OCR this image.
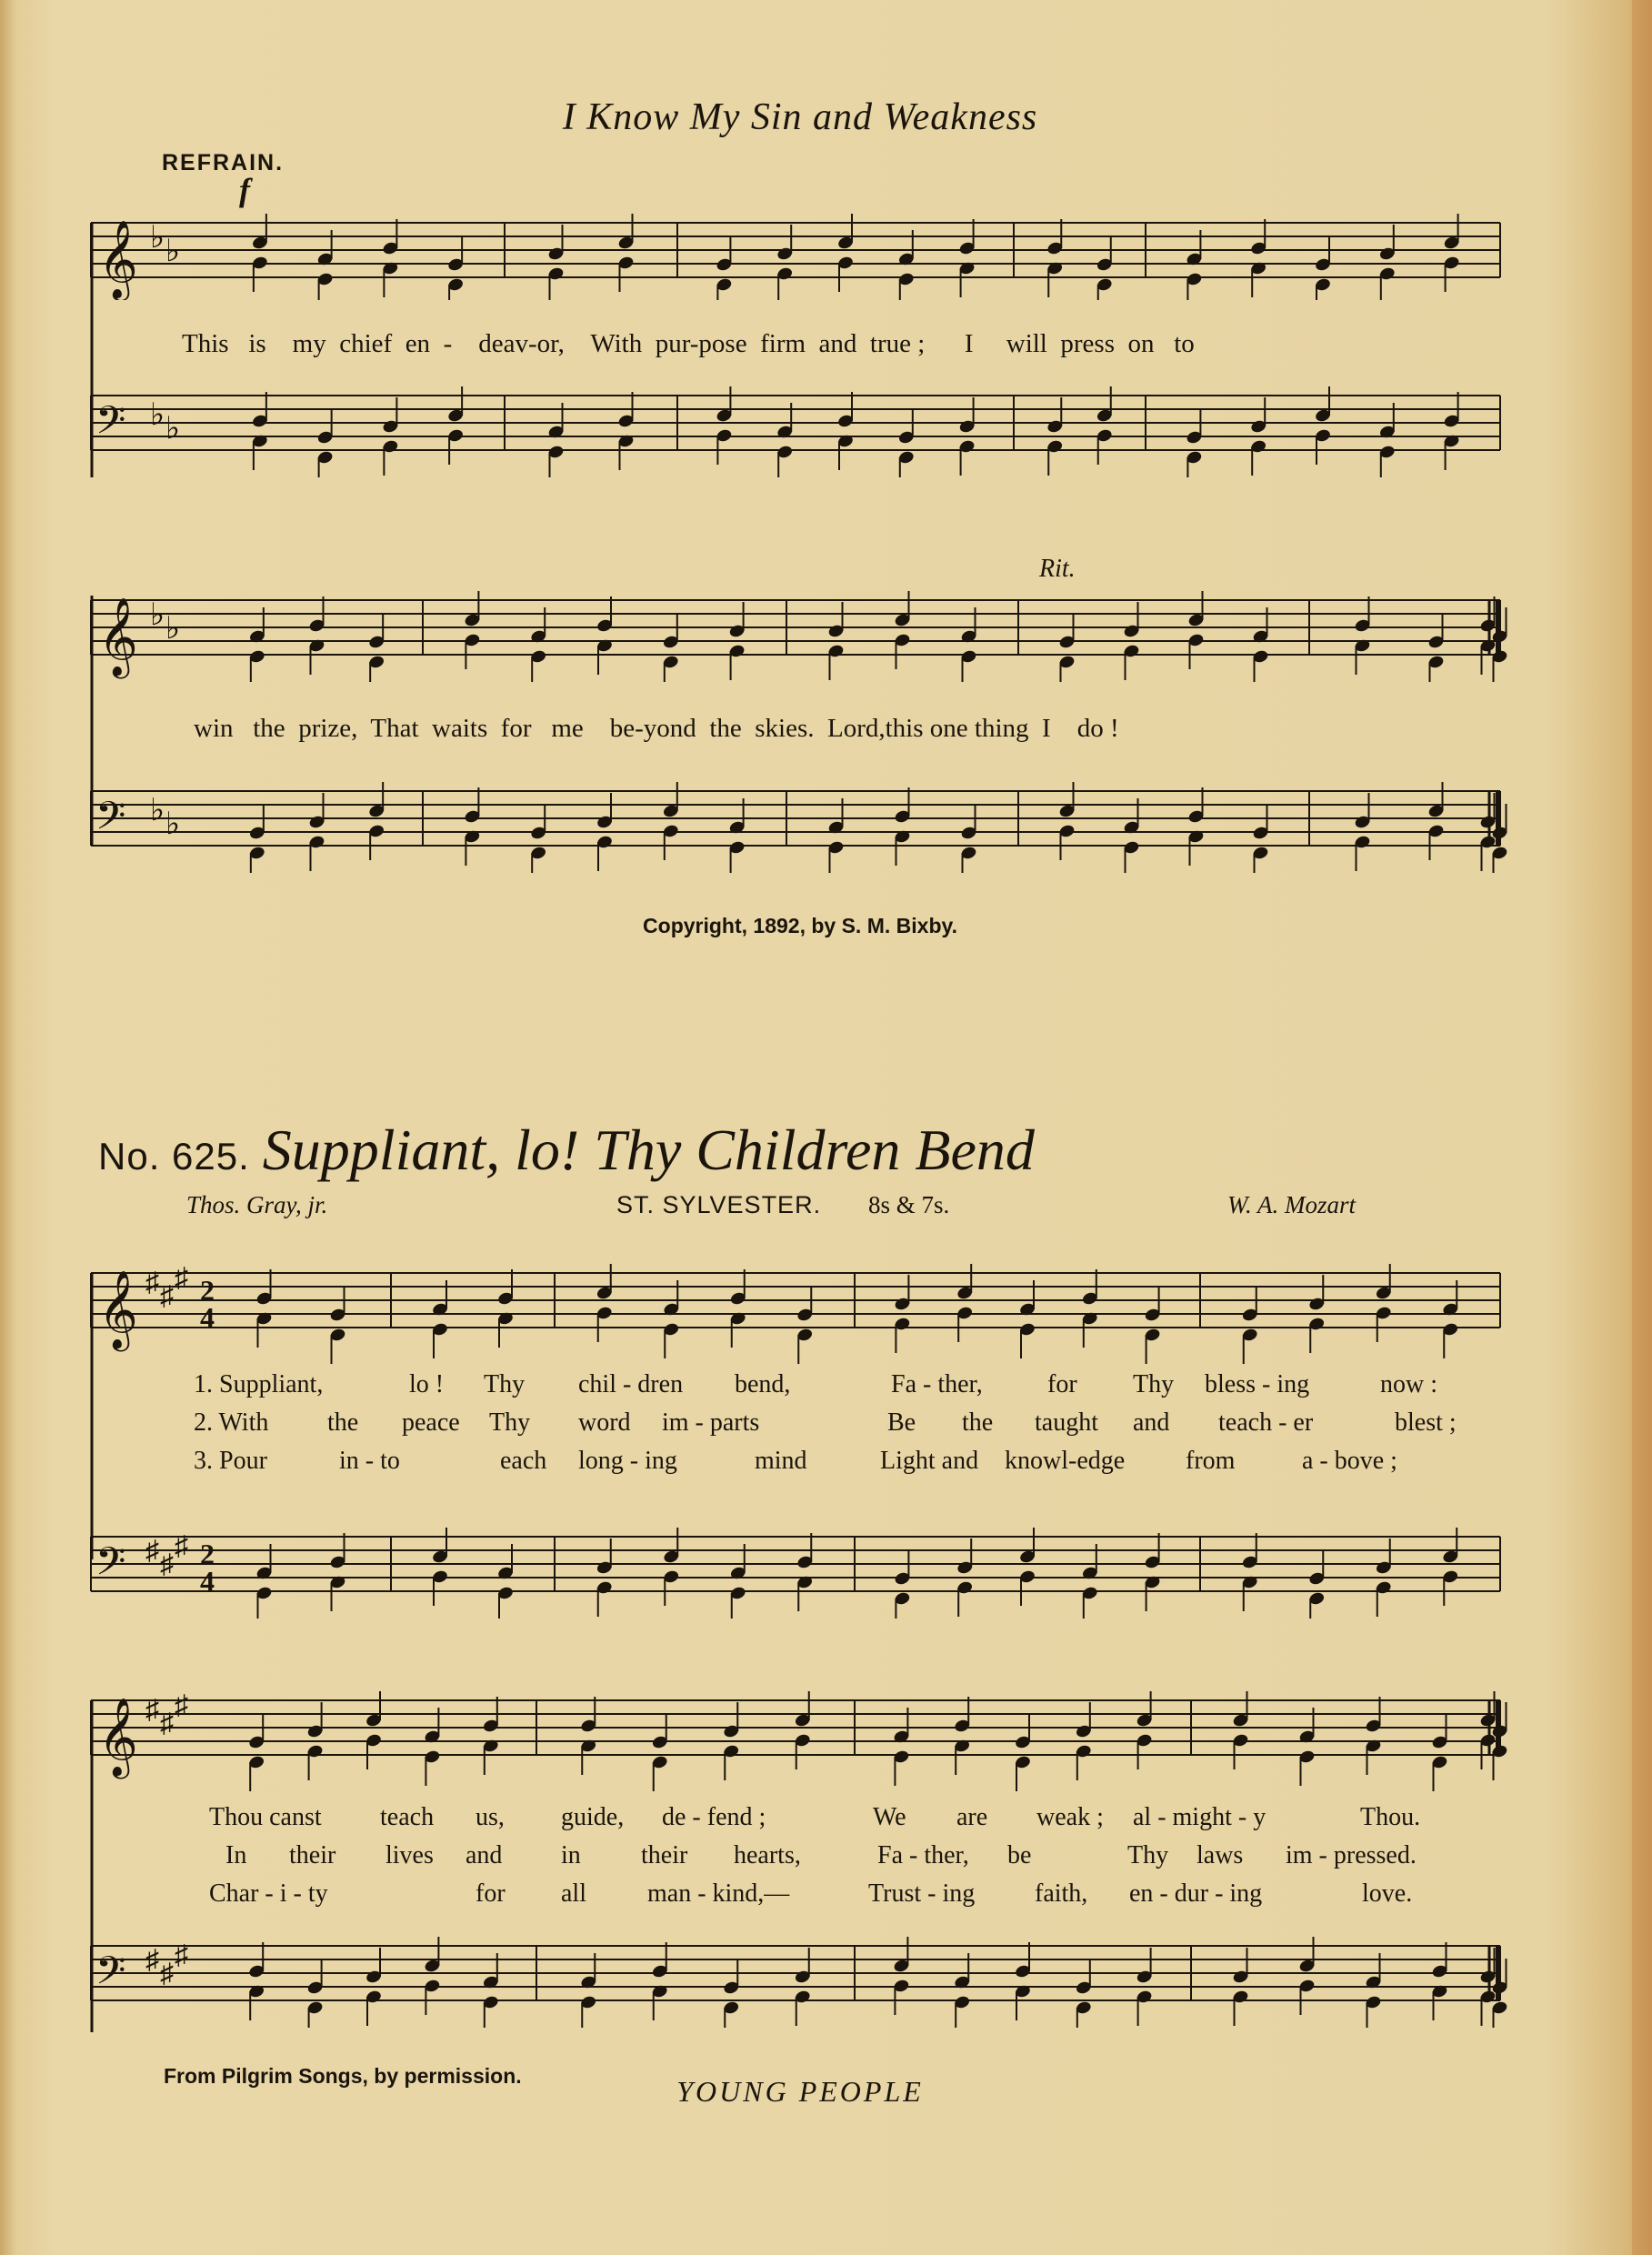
I Know My Sin and Weakness
REFRAIN.
f
Rit.
𝄞 ♭ ♭
𝄢 ♭ ♭
This is my chief en - deav-or, With pur-pose firm and true ; I will press on to
𝄞 ♭ ♭
win the prize, That waits for me be-yond the skies. Lord,this one thing I do !
𝄢 ♭ ♭
Copyright, 1892, by S. M. Bixby.
No. 625. Suppliant, lo! Thy Children Bend
Thos. Gray, jr.	ST. SYLVESTER. 8s & 7s.	W. A. Mozart
𝄞 ♯ ♯
♯ 2
4
1. Suppliant,	lo ! Thy chil - dren bend,	Fa - ther,	for Thy bless - ing	now :
2. With the peace Thy word im - parts	Be the taught and teach - er	blest ;
3. Pour	in - to	each long - ing	mind	Light and knowl-edge from	a - bove ;
𝄢 ♯ ♯
♯ 2
4
𝄞 ♯ ♯
♯
Thou canst teach us, guide, de - fend ;	We are weak ; al - might - y	Thou.
In their lives and in their hearts,	Fa - ther, be	Thy laws im - pressed.
Char - i - ty	for all man - kind,—	Trust - ing faith, en - dur - ing	love.
𝄢 ♯ ♯
♯
From Pilgrim Songs, by permission.	YOUNG PEOPLE
